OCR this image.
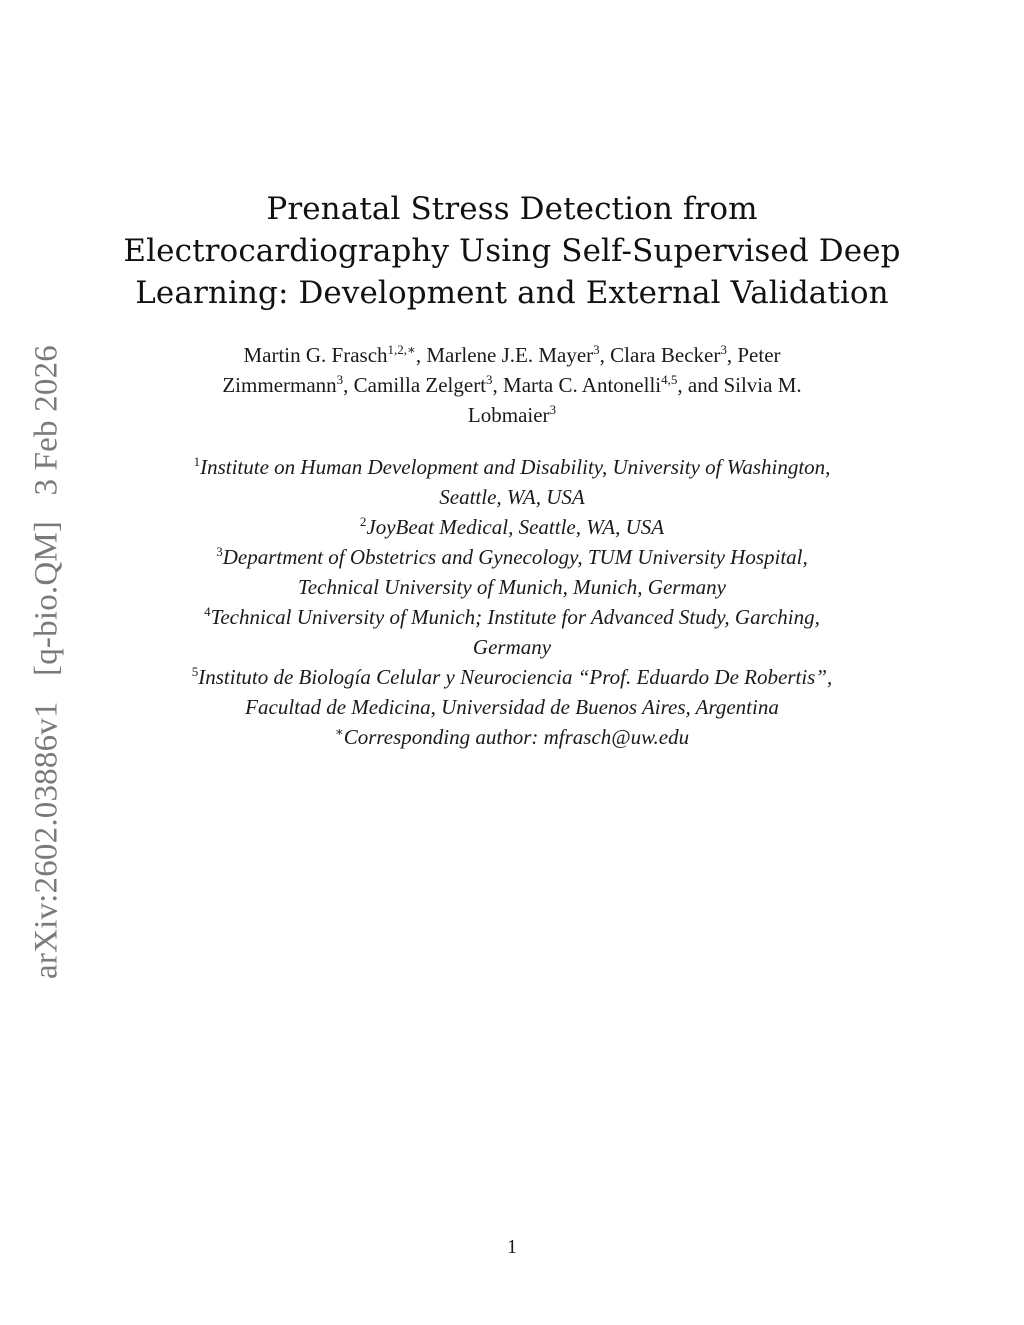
arXiv:2602.03886v1   [q-bio.QM]   3 Feb 2026
Prenatal Stress Detection from
Electrocardiography Using Self-Supervised Deep
Learning: Development and External Validation
Martin G. Frasch$^{1,2,∗}$, Marlene J.E. Mayer$^3$, Clara Becker$^3$, Peter
Zimmermann$^3$, Camilla Zelgert$^3$, Marta C. Antonelli$^{4,5}$, and Silvia M.
Lobmaier$^3$
$^1$Institute on Human Development and Disability, University of Washington,
Seattle, WA, USA
$^2$JoyBeat Medical, Seattle, WA, USA
$^3$Department of Obstetrics and Gynecology, TUM University Hospital,
Technical University of Munich, Munich, Germany
$^4$Technical University of Munich; Institute for Advanced Study, Garching,
Germany
$^5$Instituto de Biología Celular y Neurociencia “Prof. Eduardo De Robertis”,
Facultad de Medicina, Universidad de Buenos Aires, Argentina
∗Corresponding author: mfrasch@uw.edu
1
